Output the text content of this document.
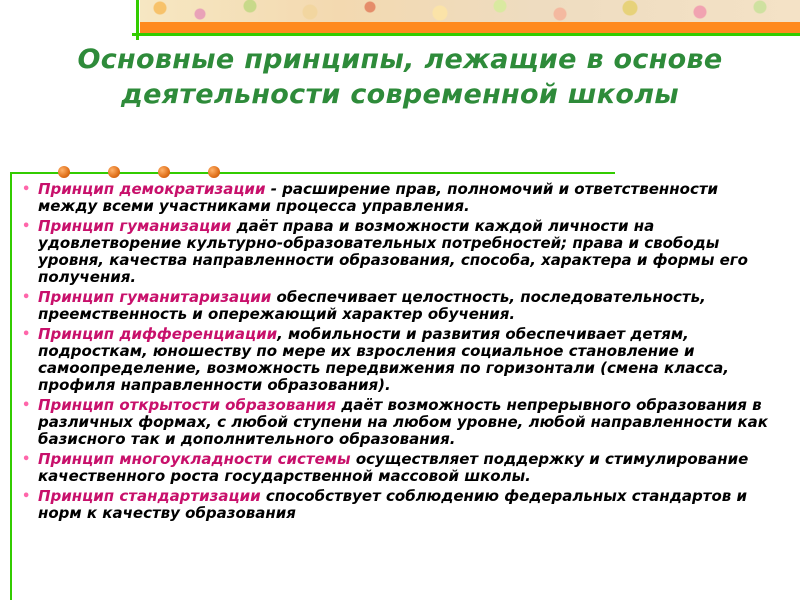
Основные принципы, лежащие в основе деятельности современной школы
• Принцип демократизации - расширение прав, полномочий и ответственности между всеми участниками процесса управления.
• Принцип гуманизации даёт права и возможности каждой личности на удовлетворение культурно-образовательных потребностей; права и свободы уровня, качества направленности образования, способа, характера и формы его получения.
• Принцип гуманитаризации обеспечивает целостность, последовательность, преемственность и опережающий характер обучения.
• Принцип дифференциации, мобильности и развития обеспечивает детям, подросткам, юношеству по мере их взросления социальное становление и самоопределение, возможность передвижения по горизонтали (смена класса, профиля направленности образования).
• Принцип открытости образования даёт возможность непрерывного образования в различных формах, с любой ступени на любом уровне, любой направленности как базисного так и дополнительного образования.
• Принцип многоукладности системы осуществляет поддержку и стимулирование качественного роста государственной массовой школы.
• Принцип стандартизации способствует соблюдению федеральных стандартов и норм к качеству образования
